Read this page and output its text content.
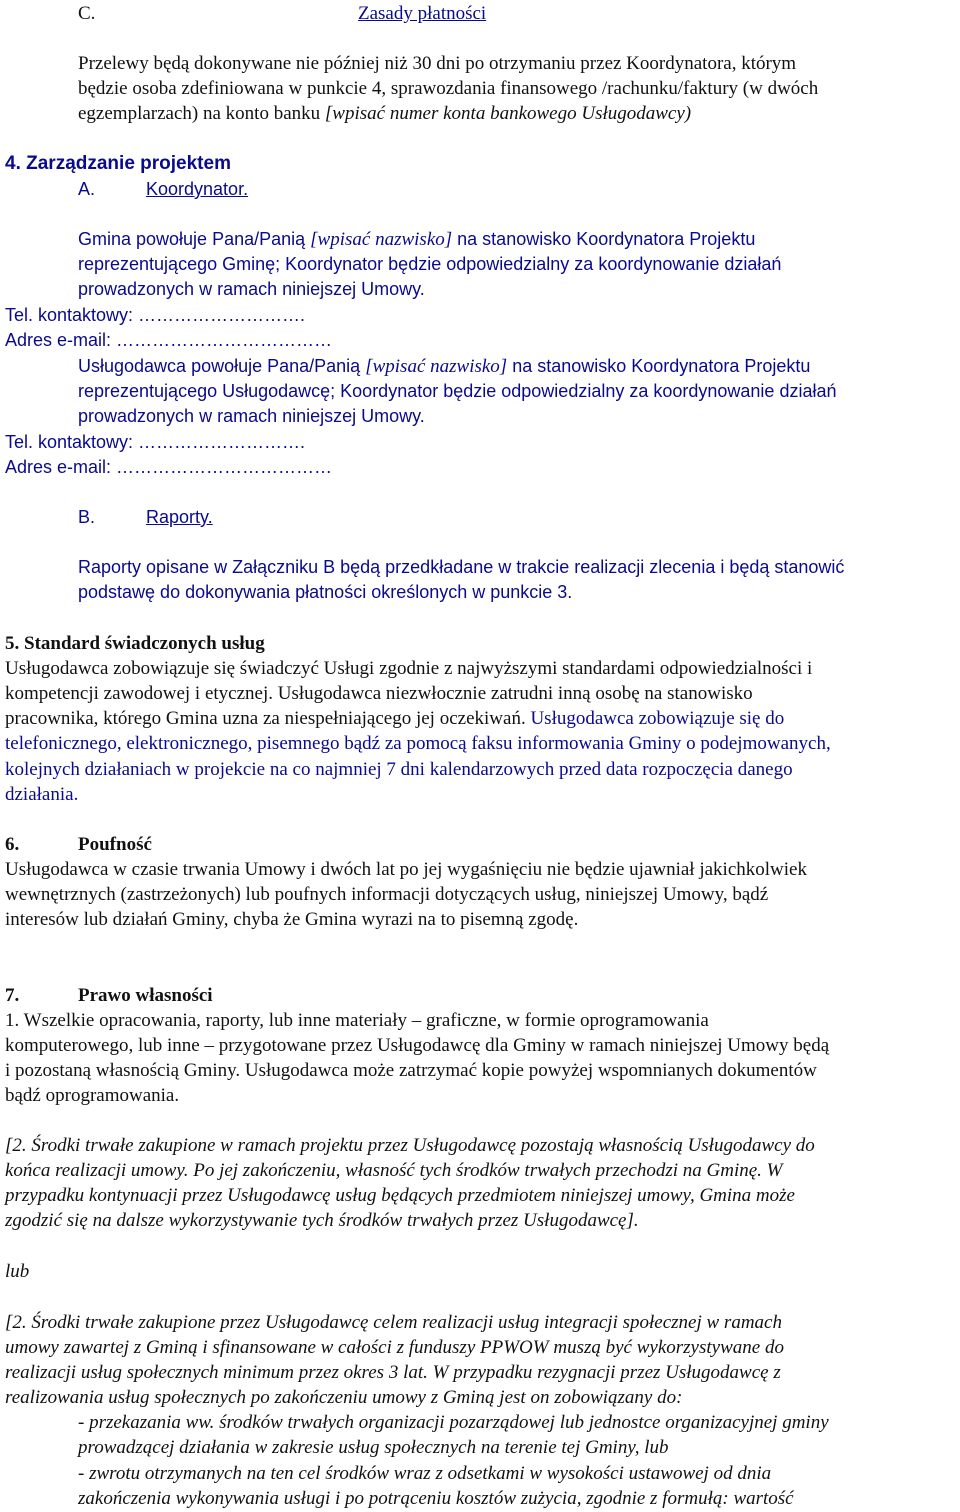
C.	Zasady płatności
Przelewy będą dokonywane nie później niż 30 dni po otrzymaniu przez Koordynatora, którym
będzie osoba zdefiniowana w punkcie 4, sprawozdania finansowego /rachunku/faktury (w dwóch
egzemplarzach) na konto banku [wpisać numer konta bankowego Usługodawcy)
4. Zarządzanie projektem
A.	Koordynator.
Gmina powołuje Pana/Panią [wpisać nazwisko] na stanowisko Koordynatora Projektu
reprezentującego Gminę; Koordynator będzie odpowiedzialny za koordynowanie działań
prowadzonych w ramach niniejszej Umowy.
Tel. kontaktowy: ……………………….
Adres e-mail: ………………………………
Usługodawca powołuje Pana/Panią [wpisać nazwisko] na stanowisko Koordynatora Projektu
reprezentującego Usługodawcę; Koordynator będzie odpowiedzialny za koordynowanie działań
prowadzonych w ramach niniejszej Umowy.
Tel. kontaktowy: ……………………….
Adres e-mail: ………………………………
B.	Raporty.
Raporty opisane w Załączniku B będą przedkładane w trakcie realizacji zlecenia i będą stanowić
podstawę do dokonywania płatności określonych w punkcie 3.
5. Standard świadczonych usług
Usługodawca zobowiązuje się świadczyć Usługi zgodnie z najwyższymi standardami odpowiedzialności i
kompetencji zawodowej i etycznej. Usługodawca niezwłocznie zatrudni inną osobę na stanowisko
pracownika, którego Gmina uzna za niespełniającego jej oczekiwań. Usługodawca zobowiązuje się do
telefonicznego, elektronicznego, pisemnego bądź za pomocą faksu informowania Gminy o podejmowanych,
kolejnych działaniach w projekcie na co najmniej 7 dni kalendarzowych przed data rozpoczęcia danego
działania.
6.	Poufność
Usługodawca w czasie trwania Umowy i dwóch lat po jej wygaśnięciu nie będzie ujawniał jakichkolwiek
wewnętrznych (zastrzeżonych) lub poufnych informacji dotyczących usług, niniejszej Umowy, bądź
interesów lub działań Gminy, chyba że Gmina wyrazi na to pisemną zgodę.
7.	Prawo własności
1. Wszelkie opracowania, raporty, lub inne materiały – graficzne, w formie oprogramowania
komputerowego, lub inne – przygotowane przez Usługodawcę dla Gminy w ramach niniejszej Umowy będą
i pozostaną własnością Gminy. Usługodawca może zatrzymać kopie powyżej wspomnianych dokumentów
bądź oprogramowania.
[2. Środki trwałe zakupione w ramach projektu przez Usługodawcę pozostają własnością Usługodawcy do
końca realizacji umowy. Po jej zakończeniu, własność tych środków trwałych przechodzi na Gminę. W
przypadku kontynuacji przez Usługodawcę usług będących przedmiotem niniejszej umowy, Gmina może
zgodzić się na dalsze wykorzystywanie tych środków trwałych przez Usługodawcę].
lub
[2. Środki trwałe zakupione przez Usługodawcę celem realizacji usług integracji społecznej w ramach
umowy zawartej z Gminą i sfinansowane w całości z funduszy PPWOW muszą być wykorzystywane do
realizacji usług społecznych minimum przez okres 3 lat. W przypadku rezygnacji przez Usługodawcę z
realizowania usług społecznych po zakończeniu umowy z Gminą jest on zobowiązany do:
- przekazania ww. środków trwałych organizacji pozarządowej lub jednostce organizacyjnej gminy
prowadzącej działania w zakresie usług społecznych na terenie tej Gminy, lub
- zwrotu otrzymanych na ten cel środków wraz z odsetkami w wysokości ustawowej od dnia
zakończenia wykonywania usługi i po potrąceniu kosztów zużycia, zgodnie z formułą: wartość
